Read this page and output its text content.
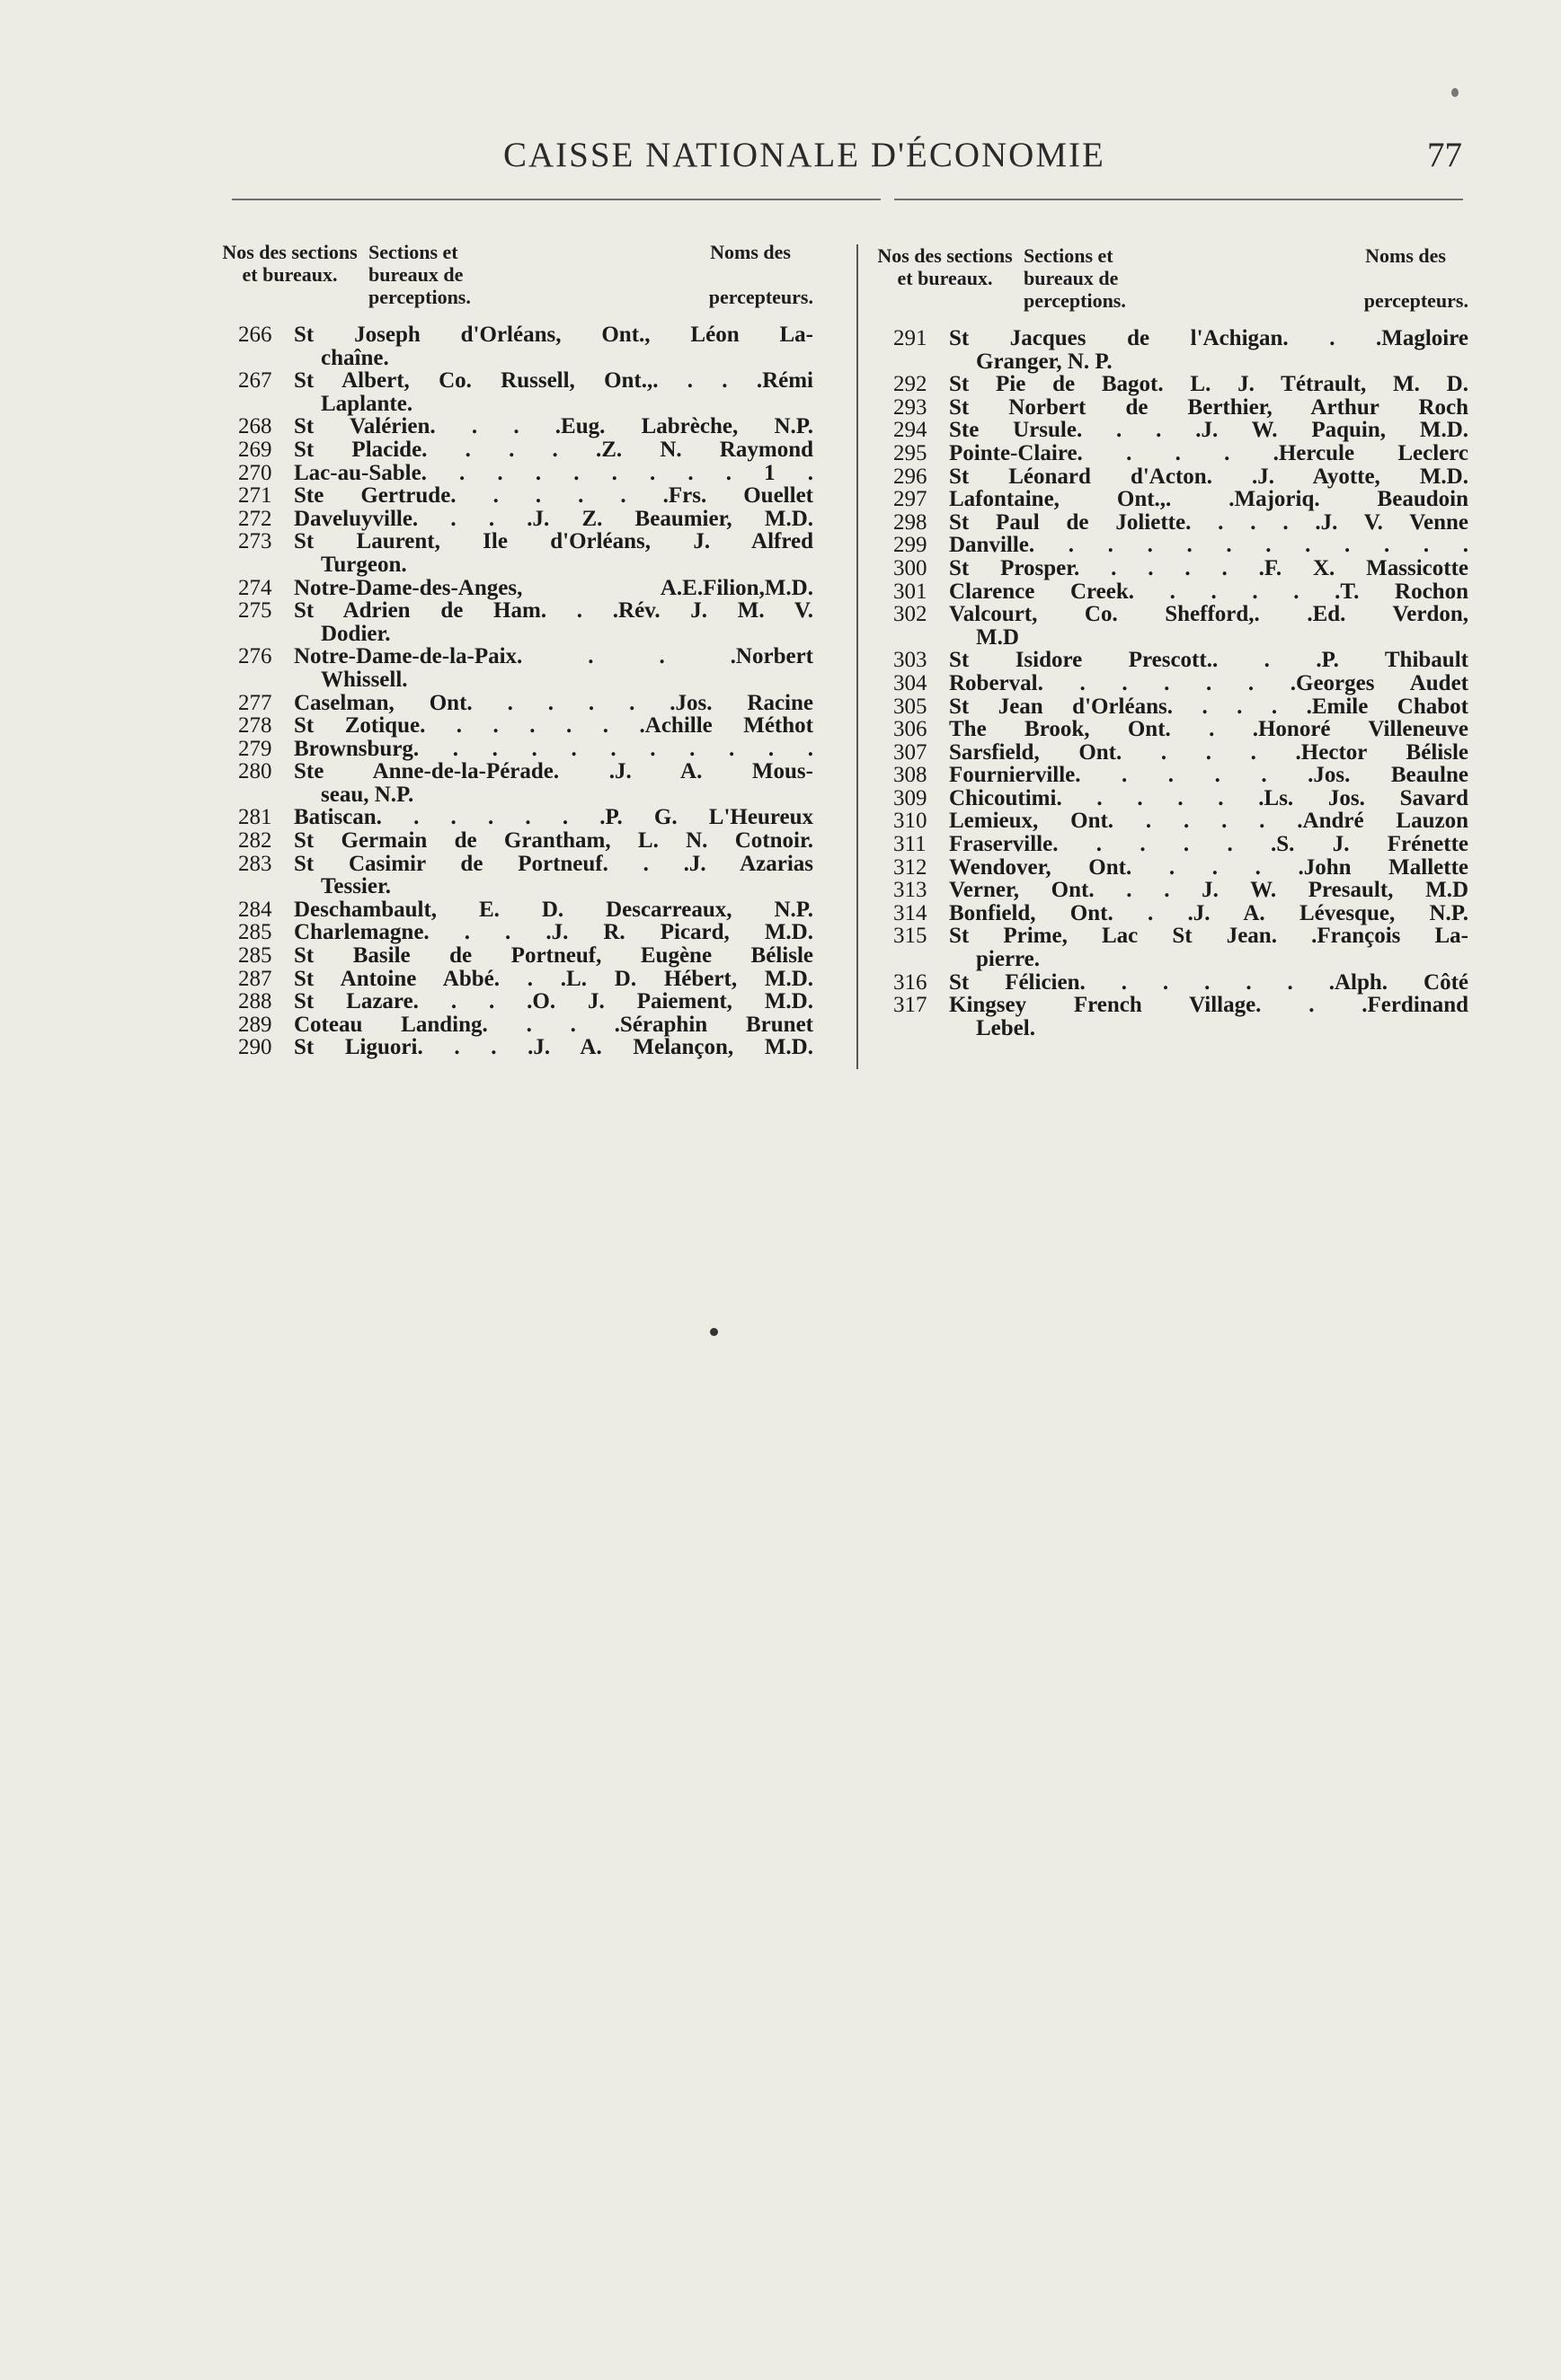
CAISSE NATIONALE D'ÉCONOMIE	77
Nos des sections et bureaux.
Sections et bureaux de perceptions.
Noms des
percepteurs.
266 St Joseph d'Orléans, Ont., Léon La-
chaîne.
267 St Albert, Co. Russell, Ont.,. . . .Rémi
Laplante.
268 St Valérien. . . .Eug. Labrèche, N.P.
269 St Placide. . . . .Z. N. Raymond
270 Lac-au-Sable. . . . . . . . . 1 .
271 Ste Gertrude. . . . . .Frs. Ouellet
272 Daveluyville. . . .J. Z. Beaumier, M.D.
273 St Laurent, Ile d'Orléans, J. Alfred
Turgeon.
274 Notre-Dame-des-Anges, A.E.Filion,M.D.
275 St Adrien de Ham. . .Rév. J. M. V.
Dodier.
276 Notre-Dame-de-la-Paix. . . .Norbert
Whissell.
277 Caselman, Ont. . . . . .Jos. Racine
278 St Zotique. . . . . . .Achille Méthot
279 Brownsburg. . . . . . . . . . .
280 Ste Anne-de-la-Pérade. .J. A. Mous-
seau, N.P.
281 Batiscan. . . . . . .P. G. L'Heureux
282 St Germain de Grantham, L. N. Cotnoir.
283 St Casimir de Portneuf. . .J. Azarias
Tessier.
284 Deschambault, E. D. Descarreaux, N.P.
285 Charlemagne. . . .J. R. Picard, M.D.
285 St Basile de Portneuf, Eugène Bélisle
287 St Antoine Abbé. . .L. D. Hébert, M.D.
288 St Lazare. . . .O. J. Paiement, M.D.
289 Coteau Landing. . . .Séraphin Brunet
290 St Liguori. . . .J. A. Melançon, M.D.
Nos des sections et bureaux.
Sections et bureaux de perceptions.
Noms des
percepteurs.
291 St Jacques de l'Achigan. . .Magloire
Granger, N. P.
292 St Pie de Bagot. L. J. Tétrault, M. D.
293 St Norbert de Berthier, Arthur Roch
294 Ste Ursule. . . .J. W. Paquin, M.D.
295 Pointe-Claire. . . . .Hercule Leclerc
296 St Léonard d'Acton. .J. Ayotte, M.D.
297 Lafontaine, Ont.,. .Majoriq. Beaudoin
298 St Paul de Joliette. . . . .J. V. Venne
299 Danville. . . . . . . . . . . .
300 St Prosper. . . . . .F. X. Massicotte
301 Clarence Creek. . . . . .T. Rochon
302 Valcourt, Co. Shefford,. .Ed. Verdon,
M.D
303 St Isidore Prescott.. . .P. Thibault
304 Roberval. . . . . . .Georges Audet
305 St Jean d'Orléans. . . . .Emile Chabot
306 The Brook, Ont. . .Honoré Villeneuve
307 Sarsfield, Ont. . . . .Hector Bélisle
308 Fournierville. . . . . .Jos. Beaulne
309 Chicoutimi. . . . . .Ls. Jos. Savard
310 Lemieux, Ont. . . . . .André Lauzon
311	Fraserville. . . . . .S. J. Frénette
312 Wendover, Ont. . . . .John Mallette
313 Verner, Ont. . . J. W. Presault, M.D
314 Bonfield, Ont. . .J. A. Lévesque, N.P.
315 St Prime, Lac St Jean. .François La-
pierre.
316 St Félicien. . . . . . .Alph. Côté
317 Kingsey French Village. . .Ferdinand
Lebel.
